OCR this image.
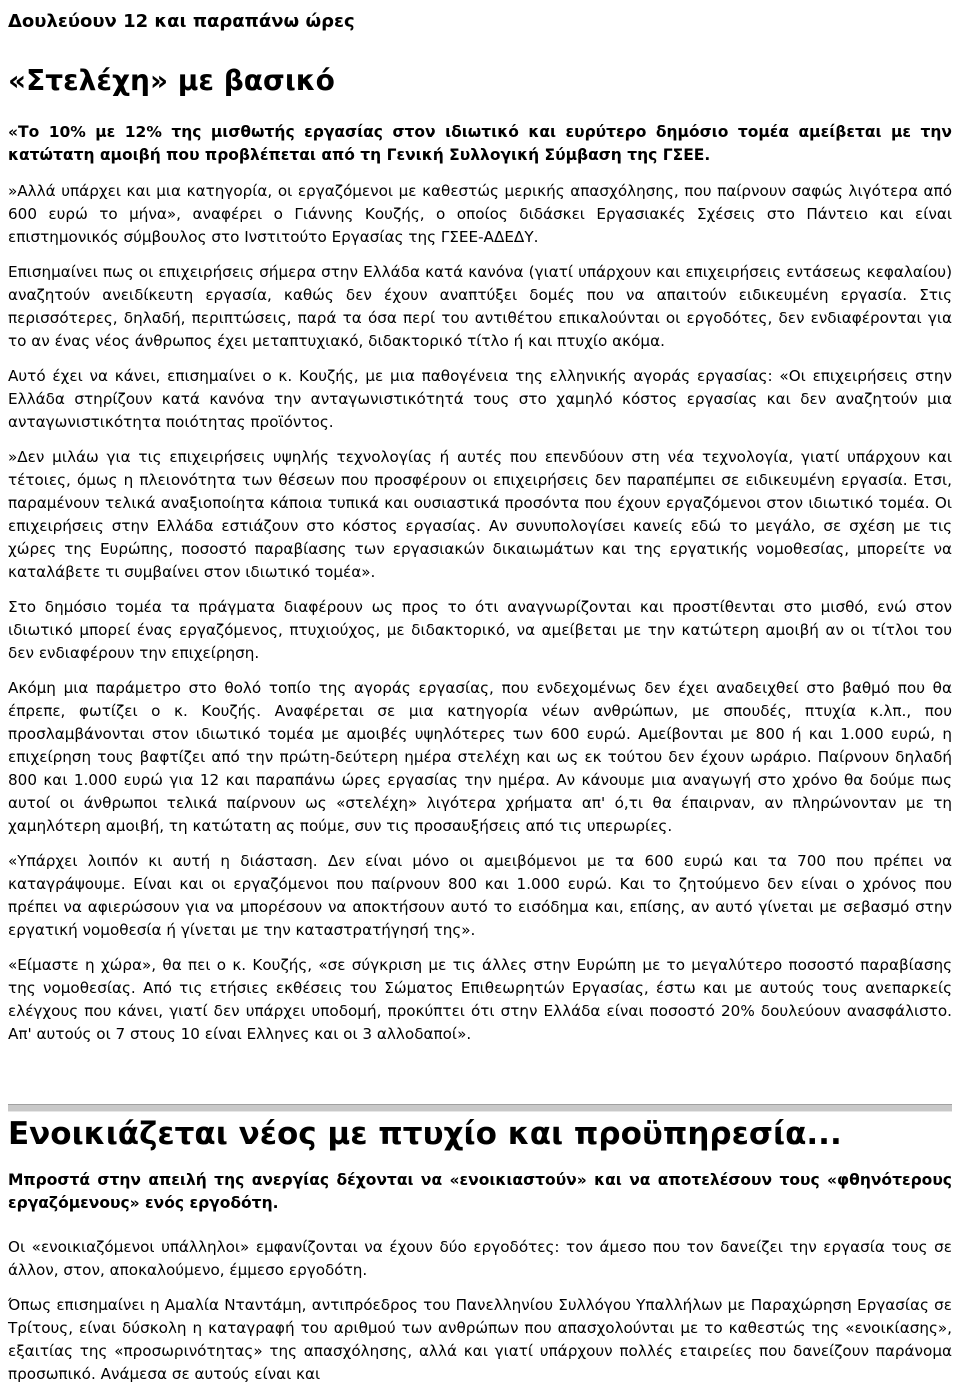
Δουλεύουν 12 και παραπάνω ώρες
«Στελέχη» με βασικό
«Το 10% με 12% της μισθωτής εργασίας στον ιδιωτικό και ευρύτερο δημόσιο τομέα αμείβεται με την κατώτατη αμοιβή που προβλέπεται από τη Γενική Συλλογική Σύμβαση της ΓΣΕΕ.

»Αλλά υπάρχει και μια κατηγορία, οι εργαζόμενοι με καθεστώς μερικής απασχόλησης, που παίρνουν σαφώς λιγότερα από 600 ευρώ το μήνα», αναφέρει ο Γιάννης Κουζής, ο οποίος διδάσκει Εργασιακές Σχέσεις στο Πάντειο και είναι επιστημονικός σύμβουλος στο Ινστιτούτο Εργασίας της ΓΣΕΕ-ΑΔΕΔΥ.

Επισημαίνει πως οι επιχειρήσεις σήμερα στην Ελλάδα κατά κανόνα (γιατί υπάρχουν και επιχειρήσεις εντάσεως κεφαλαίου) αναζητούν ανειδίκευτη εργασία, καθώς δεν έχουν αναπτύξει δομές που να απαιτούν ειδικευμένη εργασία. Στις περισσότερες, δηλαδή, περιπτώσεις, παρά τα όσα περί του αντιθέτου επικαλούνται οι εργοδότες, δεν ενδιαφέρονται για το αν ένας νέος άνθρωπος έχει μεταπτυχιακό, διδακτορικό τίτλο ή και πτυχίο ακόμα.

Αυτό έχει να κάνει, επισημαίνει ο κ. Κουζής, με μια παθογένεια της ελληνικής αγοράς εργασίας: «Οι επιχειρήσεις στην Ελλάδα στηρίζουν κατά κανόνα την ανταγωνιστικότητά τους στο χαμηλό κόστος εργασίας και δεν αναζητούν μια ανταγωνιστικότητα ποιότητας προϊόντος.

»Δεν μιλάω για τις επιχειρήσεις υψηλής τεχνολογίας ή αυτές που επενδύουν στη νέα τεχνολογία, γιατί υπάρχουν και τέτοιες, όμως η πλειονότητα των θέσεων που προσφέρουν οι επιχειρήσεις δεν παραπέμπει σε ειδικευμένη εργασία. Ετσι, παραμένουν τελικά αναξιοποίητα κάποια τυπικά και ουσιαστικά προσόντα που έχουν εργαζόμενοι στον ιδιωτικό τομέα. Οι επιχειρήσεις στην Ελλάδα εστιάζουν στο κόστος εργασίας. Αν συνυπολογίσει κανείς εδώ το μεγάλο, σε σχέση με τις χώρες της Ευρώπης, ποσοστό παραβίασης των εργασιακών δικαιωμάτων και της εργατικής νομοθεσίας, μπορείτε να καταλάβετε τι συμβαίνει στον ιδιωτικό τομέα».

Στο δημόσιο τομέα τα πράγματα διαφέρουν ως προς το ότι αναγνωρίζονται και προστίθενται στο μισθό, ενώ στον ιδιωτικό μπορεί ένας εργαζόμενος, πτυχιούχος, με διδακτορικό, να αμείβεται με την κατώτερη αμοιβή αν οι τίτλοι του δεν ενδιαφέρουν την επιχείρηση.

Ακόμη μια παράμετρο στο θολό τοπίο της αγοράς εργασίας, που ενδεχομένως δεν έχει αναδειχθεί στο βαθμό που θα έπρεπε, φωτίζει ο κ. Κουζής. Αναφέρεται σε μια κατηγορία νέων ανθρώπων, με σπουδές, πτυχία κ.λπ., που προσλαμβάνονται στον ιδιωτικό τομέα με αμοιβές υψηλότερες των 600 ευρώ. Αμείβονται με 800 ή και 1.000 ευρώ, η επιχείρηση τους βαφτίζει από την πρώτη-δεύτερη ημέρα στελέχη και ως εκ τούτου δεν έχουν ωράριο. Παίρνουν δηλαδή 800 και 1.000 ευρώ για 12 και παραπάνω ώρες εργασίας την ημέρα. Αν κάνουμε μια αναγωγή στο χρόνο θα δούμε πως αυτοί οι άνθρωποι τελικά παίρνουν ως «στελέχη» λιγότερα χρήματα απ' ό,τι θα έπαιρναν, αν πληρώνονταν με τη χαμηλότερη αμοιβή, τη κατώτατη ας πούμε, συν τις προσαυξήσεις από τις υπερωρίες.

«Υπάρχει λοιπόν κι αυτή η διάσταση. Δεν είναι μόνο οι αμειβόμενοι με τα 600 ευρώ και τα 700 που πρέπει να καταγράψουμε. Είναι και οι εργαζόμενοι που παίρνουν 800 και 1.000 ευρώ. Και το ζητούμενο δεν είναι ο χρόνος που πρέπει να αφιερώσουν για να μπορέσουν να αποκτήσουν αυτό το εισόδημα και, επίσης, αν αυτό γίνεται με σεβασμό στην εργατική νομοθεσία ή γίνεται με την καταστρατήγησή της».

«Είμαστε η χώρα», θα πει ο κ. Κουζής, «σε σύγκριση με τις άλλες στην Ευρώπη με το μεγαλύτερο ποσοστό παραβίασης της νομοθεσίας. Από τις ετήσιες εκθέσεις του Σώματος Επιθεωρητών Εργασίας, έστω και με αυτούς τους ανεπαρκείς ελέγχους που κάνει, γιατί δεν υπάρχει υποδομή, προκύπτει ότι στην Ελλάδα είναι ποσοστό 20% δουλεύουν ανασφάλιστο. Απ' αυτούς οι 7 στους 10 είναι Ελληνες και οι 3 αλλοδαποί».

Ενοικιάζεται νέος με πτυχίο και προϋπηρεσία...
Μπροστά στην απειλή της ανεργίας δέχονται να «ενοικιαστούν» και να αποτελέσουν τους «φθηνότερους εργαζόμενους» ενός εργοδότη.

Οι «ενοικιαζόμενοι υπάλληλοι» εμφανίζονται να έχουν δύο εργοδότες: τον άμεσο που τον δανείζει την εργασία τους σε άλλον, στον, αποκαλούμενο, έμμεσο εργοδότη.

Όπως επισημαίνει η Αμαλία Νταντάμη, αντιπρόεδρος του Πανελληνίου Συλλόγου Υπαλλήλων με Παραχώρηση Εργασίας σε Τρίτους, είναι δύσκολη η καταγραφή του αριθμού των ανθρώπων που απασχολούνται με το καθεστώς της «ενοικίασης», εξαιτίας της «προσωρινότητας» της απασχόλησης, αλλά και γιατί υπάρχουν πολλές εταιρείες που δανείζουν παράνομα προσωπικό. Ανάμεσα σε αυτούς είναι και
